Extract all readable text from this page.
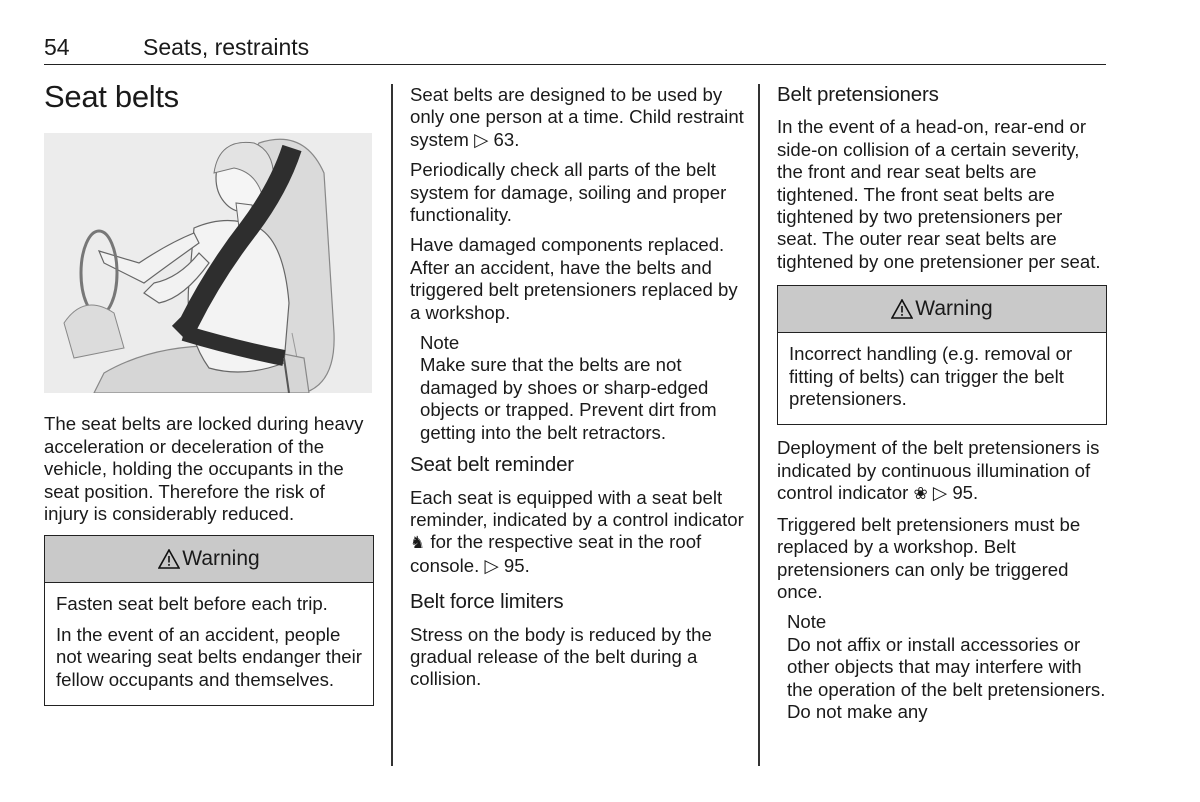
54	Seats, restraints
Seat belts

The seat belts are locked during heavy acceleration or deceleration of the vehicle, holding the occupants in the seat position. Therefore the risk of injury is considerably reduced.

Warning

Fasten seat belt before each trip.

In the event of an accident, people not wearing seat belts endanger their fellow occupants and themselves.

Seat belts are designed to be used by only one person at a time. Child restraint system ▷ 63.

Periodically check all parts of the belt system for damage, soiling and proper functionality.

Have damaged components replaced. After an accident, have the belts and triggered belt pretensioners replaced by a workshop.

Note
Make sure that the belts are not damaged by shoes or sharp-edged objects or trapped. Prevent dirt from getting into the belt retractors.
Seat belt reminder

Each seat is equipped with a seat belt reminder, indicated by a control indicator ♞ for the respective seat in the roof console. ▷ 95.

Belt force limiters

Stress on the body is reduced by the gradual release of the belt during a collision.

Belt pretensioners

In the event of a head-on, rear-end or side-on collision of a certain severity, the front and rear seat belts are tightened. The front seat belts are tightened by two pretensioners per seat. The outer rear seat belts are tightened by one pretensioner per seat.

Warning

Incorrect handling (e.g. removal or fitting of belts) can trigger the belt pretensioners.

Deployment of the belt pretensioners is indicated by continuous illumination of control indicator ❀ ▷ 95.

Triggered belt pretensioners must be replaced by a workshop. Belt pretensioners can only be triggered once.

Note
Do not affix or install accessories or other objects that may interfere with the operation of the belt pretensioners. Do not make any
